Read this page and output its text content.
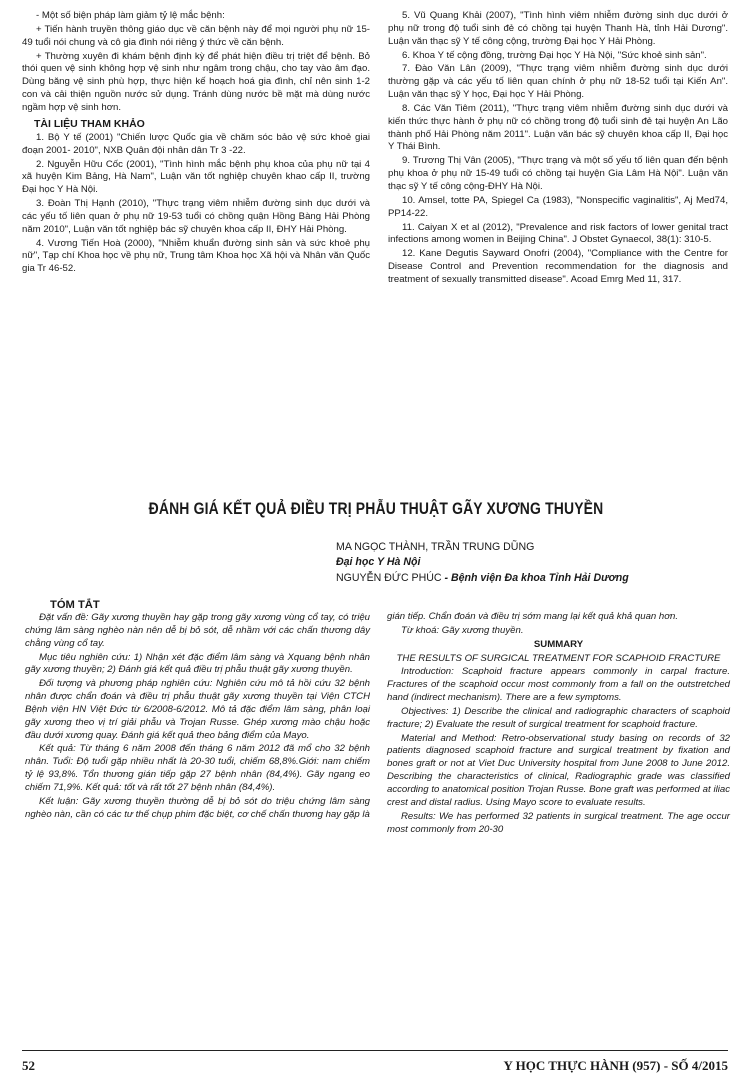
- Một số biện pháp làm giảm tỷ lệ mắc bệnh:

+ Tiến hành truyền thông giáo dục về căn bệnh này để mọi người phụ nữ 15-49 tuổi nói chung và cô gia đình nói riêng ý thức về căn bệnh.

+ Thường xuyên đi khám bệnh định kỳ để phát hiện điều trị triệt để bệnh. Bỏ thói quen vệ sinh không hợp vệ sinh như ngâm trong chậu, cho tay vào âm đạo. Dùng băng vệ sinh phù hợp, thực hiện kế hoạch hoá gia đình, chỉ nên sinh 1-2 con và cải thiện nguồn nước sử dụng. Tránh dùng nước bề mặt mà dùng nước ngầm hợp vệ sinh hơn.

TÀI LIỆU THAM KHẢO

1. Bộ Y tế (2001) "Chiến lược Quốc gia về chăm sóc bảo vệ sức khoẻ giai đoạn 2001- 2010", NXB Quân đội nhân dân Tr 3 -22.

2. Nguyễn Hữu Cốc (2001), "Tình hình mắc bệnh phụ khoa của phụ nữ tại 4 xã huyện Kim Bảng, Hà Nam", Luận văn tốt nghiệp chuyên khao cấp II, trường Đại học Y Hà Nội.

3. Đoàn Thị Hạnh (2010), "Thực trạng viêm nhiễm đường sinh dục dưới và các yếu tố liên quan ở phụ nữ 19-53 tuổi có chồng quận Hồng Bàng Hải Phòng năm 2010", Luận văn tốt nghiệp bác sỹ chuyên khoa cấp II, ĐHY Hải Phòng.

4. Vương Tiến Hoà (2000), "Nhiễm khuẩn đường sinh sản và sức khoẻ phụ nữ", Tạp chí Khoa học về phụ nữ, Trung tâm Khoa học Xã hội và Nhân văn Quốc gia Tr 46-52.

5. Vũ Quang Khải (2007), "Tình hình viêm nhiễm đường sinh dục dưới ở phụ nữ trong độ tuổi sinh đẻ có chồng tại huyện Thanh Hà, tỉnh Hải Dương". Luận văn thạc sỹ Y tế công cộng, trường Đại học Y Hải Phòng.

6. Khoa Y tế cộng đồng, trường Đại học Y Hà Nội, "Sức khoẻ sinh sản".

7. Đào Văn Lân (2009), "Thực trạng viêm nhiễm đường sinh dục dưới thường gặp và các yếu tố liên quan chính ở phụ nữ 18-52 tuổi tại Kiến An". Luận văn thạc sỹ Y học, Đại học Y Hải Phòng.

8. Các Văn Tiêm (2011), "Thực trạng viêm nhiễm đường sinh dục dưới và kiến thức thực hành ở phụ nữ có chồng trong độ tuổi sinh đẻ tại huyện An Lão thành phố Hải Phòng năm 2011". Luận văn bác sỹ chuyên khoa cấp II, Đại học Y Thái Bình.

9. Trương Thị Vân (2005), "Thực trạng và một số yếu tố liên quan đến bệnh phụ khoa ở phụ nữ 15-49 tuổi có chồng tại huyện Gia Lâm Hà Nội". Luận văn thạc sỹ Y tế công cộng-ĐHY Hà Nội.

10. Amsel, totte PA, Spiegel Ca (1983), "Nonspecific vaginalitis", Aj Med74, PP14-22.

11. Caiyan X et al (2012), "Prevalence and risk factors of lower genital tract infections among women in Beijing China". J Obstet Gynaecol, 38(1): 310-5.

12. Kane Degutis Sayward Onofri (2004), "Compliance with the Centre for Disease Control and Prevention recommendation for the diagnosis and treatment of sexually transmitted disease". Acoad Emrg Med 11, 317.

ĐÁNH GIÁ KẾT QUẢ ĐIỀU TRỊ PHẪU THUẬT GÃY XƯƠNG THUYỀN
MA NGỌC THÀNH, TRẦN TRUNG DŨNG
Đại học Y Hà Nội
NGUYỄN ĐỨC PHÚC - Bệnh viện Đa khoa Tỉnh Hải Dương
TÓM TẮT

Đặt vấn đề: Gãy xương thuyền hay gặp trong gãy xương vùng cổ tay, có triệu chứng lâm sàng nghèo nàn nên dễ bị bỏ sót, dễ nhầm với các chấn thương dây chằng vùng cổ tay.

Mục tiêu nghiên cứu: 1) Nhận xét đặc điểm lâm sàng và Xquang bệnh nhân gãy xương thuyền; 2) Đánh giá kết quả điều trị phẫu thuật gãy xương thuyền.

Đối tượng và phương pháp nghiên cứu: Nghiên cứu mô tả hồi cứu 32 bệnh nhân được chẩn đoán và điều trị phẫu thuật gãy xương thuyền tại Viện CTCH Bệnh viện HN Việt Đức từ 6/2008-6/2012. Mô tả đặc điểm lâm sàng, phân loại gãy xương theo vị trí giải phẫu và Trojan Russe. Ghép xương mào chậu hoặc đầu dưới xương quay. Đánh giá kết quả theo bảng điểm của Mayo.

Kết quả: Từ tháng 6 năm 2008 đến tháng 6 năm 2012 đã mổ cho 32 bệnh nhân. Tuổi: Độ tuổi gặp nhiều nhất là 20-30 tuổi, chiếm 68,8%.Giới: nam chiếm tỷ lệ 93,8%. Tổn thương gián tiếp gặp 27 bệnh nhân (84,4%). Gãy ngang eo chiếm 71,9%. Kết quả: tốt và rất tốt 27 bệnh nhân (84,4%).

Kết luận: Gãy xương thuyền thường dễ bị bỏ sót do triệu chứng lâm sàng nghèo nàn, cần có các tư thế chụp phim đặc biệt, cơ chế chấn thương hay gặp là

gián tiếp. Chẩn đoán và điều trị sớm mang lại kết quả khả quan hơn.

Từ khoá: Gãy xương thuyền.

SUMMARY

THE RESULTS OF SURGICAL TREATMENT FOR SCAPHOID FRACTURE

Introduction: Scaphoid fracture appears commonly in carpal fracture. Fractures of the scaphoid occur most commonly from a fall on the outstretched hand (indirect mechanism). There are a few symptoms.

Objectives: 1) Describe the clinical and radiographic characters of scaphoid fracture; 2) Evaluate the result of surgical treatment for scaphoid fracture.

Material and Method: Retro-observational study basing on records of 32 patients diagnosed scaphoid fracture and surgical treatment by fixation and bones graft or not at Viet Duc University hospital from June 2008 to June 2012. Describing the characteristics of clinical, Radiographic grade was classified according to anatomical position Trojan Russe. Bone graft was performed at iliac crest and distal radius. Using Mayo score to evaluate results.

Results: We has performed 32 patients in surgical treatment. The age occur most commonly from 20-30

52	Y HỌC THỰC HÀNH (957) - SỐ 4/2015
